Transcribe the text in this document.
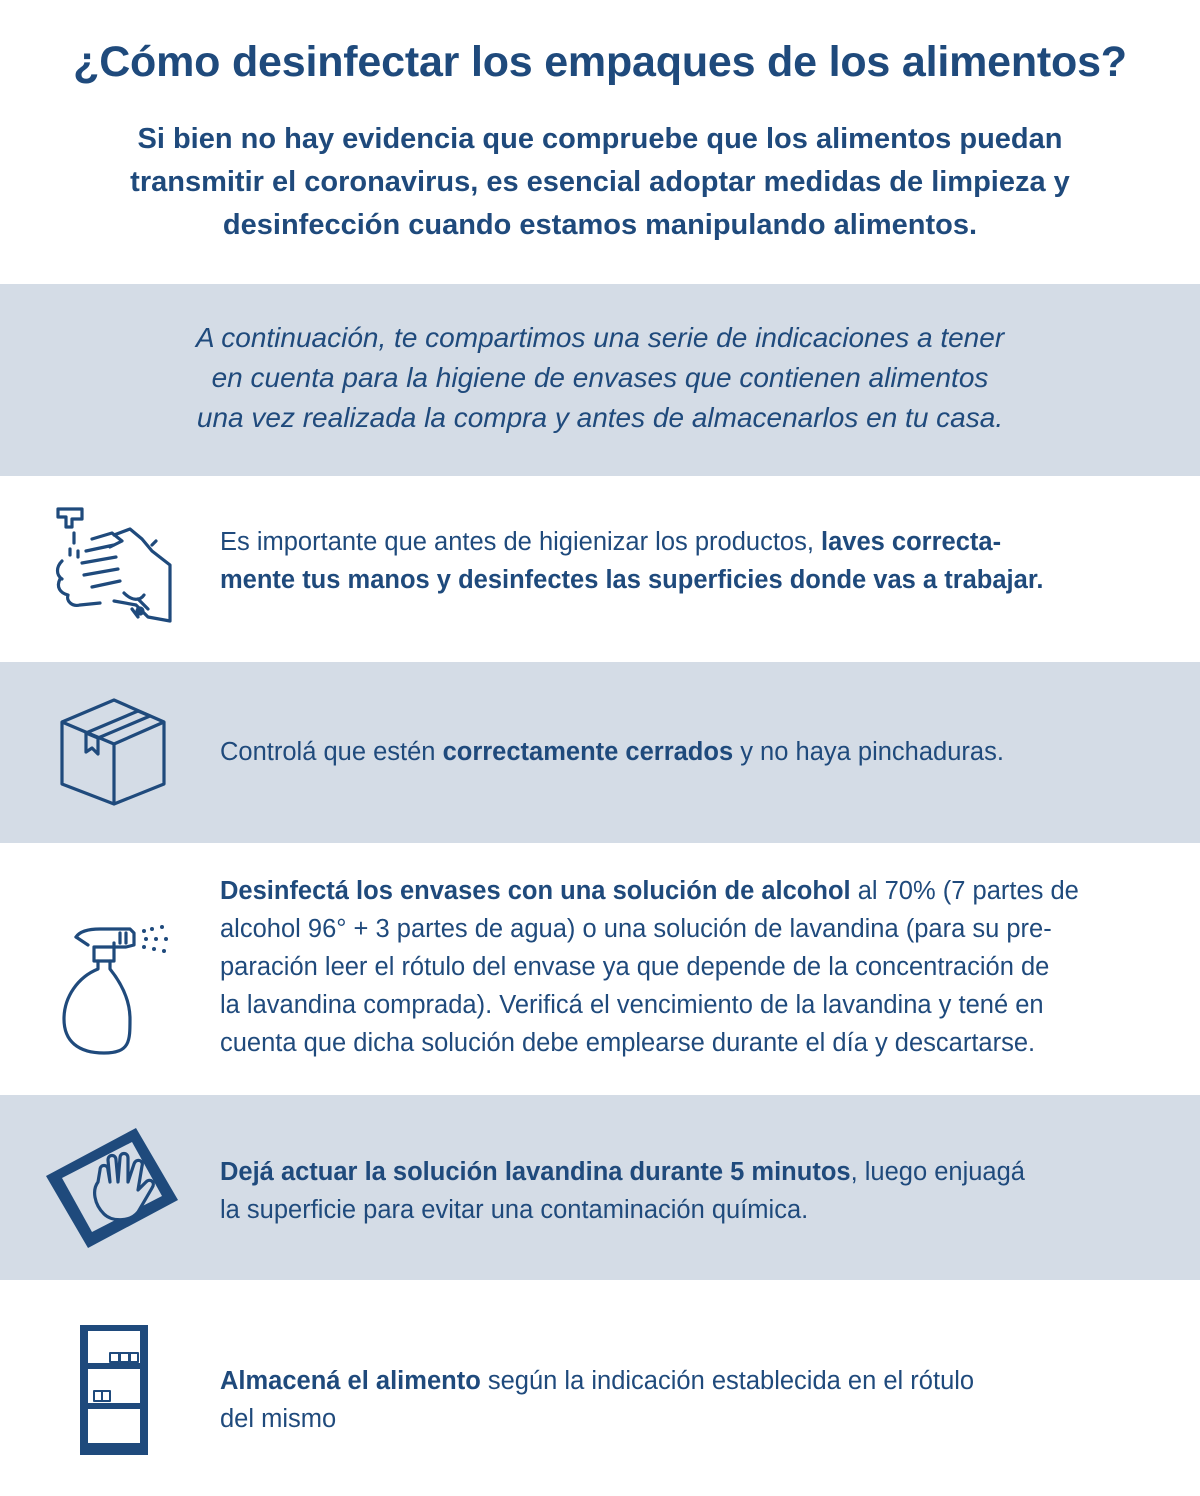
¿Cómo desinfectar los empaques de los alimentos?

Si bien no hay evidencia que compruebe que los alimentos puedan
transmitir el coronavirus, es esencial adoptar medidas de limpieza y
desinfección cuando estamos manipulando alimentos.

A continuación, te compartimos una serie de indicaciones a tener
en cuenta para la higiene de envases que contienen alimentos
una vez realizada la compra y antes de almacenarlos en tu casa.

Es importante que antes de higienizar los productos, laves correcta-
mente tus manos y desinfectes las superficies donde vas a trabajar.
Controlá que estén correctamente cerrados y no haya pinchaduras.
Desinfectá los envases con una solución de alcohol al 70% (7 partes de
alcohol 96° + 3 partes de agua) o una solución de lavandina (para su pre-
paración leer el rótulo del envase ya que depende de la concentración de
la lavandina comprada). Verificá el vencimiento de la lavandina y tené en
cuenta que dicha solución debe emplearse durante el día y descartarse.
Dejá actuar la solución lavandina durante 5 minutos, luego enjuagá
la superficie para evitar una contaminación química.
Almacená el alimento según la indicación establecida en el rótulo
del mismo
